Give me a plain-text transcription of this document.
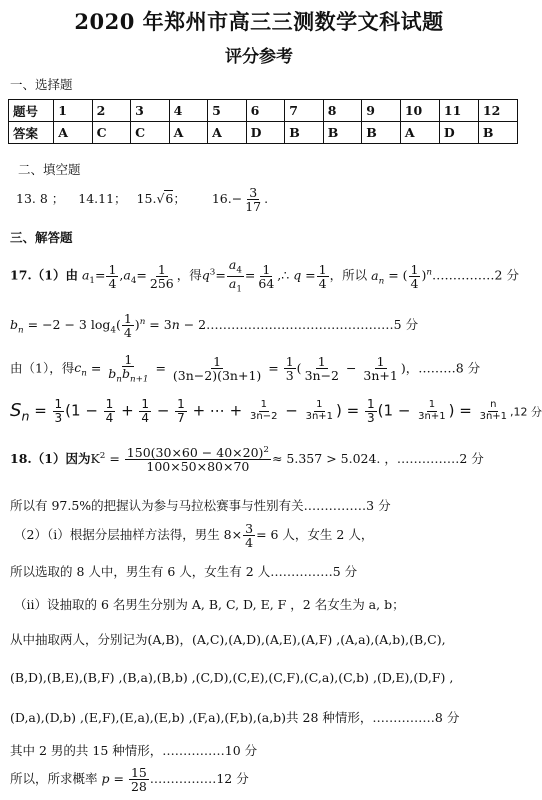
2020 年郑州市高三三测数学文科试题
评分参考
一、选择题
题号	1	2	3	4	5	6	7	8	9	10	11	12
答案	A	C	C	A	A	D	B	B	B	A	D	B
二、填空题
13. 8 ； 14.11； 15.√6； $16.- \frac{3}{17}$ .
三、解答题
17.（1）由 $a_1= \frac{1}{4} ,a_4= \frac{1}{256}$ ，得$q^3= \frac{a_4}{a_1} = \frac{1}{64}$ ,∴ $q = \frac{1}{4}$ ，所以 $a_n$ = ( $\frac{1}{4}$ )$^n$……………2 分
$b_n = -2 - 3$ $\log_4( \frac{1}{4} )^n = 3n$ − 2………………………………………5 分
由（1），得$c_n = \frac{1}{b_nb_{n+1}} = \frac{1}{(3n-2)(3n+1)} = \frac{1}{3}$ ( $\frac{1}{3n-2} - \frac{1}{3n+1}$ )，………8 分
$S_n = \frac{1}{3} (1 - \frac{1}{4} + \frac{1}{4} - \frac{1}{7}$ + ⋯ + $\frac{1}{3n-2} - \frac{1}{3n+1}$ ) = $\frac{1}{3} (1 - \frac{1}{3n+1}$ ) = $\frac{n}{3n+1} ,12$ 分
18.（1）因为$K^2 = \frac{150(30\times 60 - 40\times 20)^2}{100\times 50\times 80\times 70} \approx 5.357 > 5.024$. ，……………2 分
所以有 97.5%的把握认为参与马拉松赛事与性别有关……………3 分
（2）（i）根据分层抽样方法得，男生 $8\times \frac{3}{4} = 6$ 人，女生 2 人，
所以选取的 8 人中，男生有 6 人，女生有 2 人……………5 分
（ii）设抽取的 6 名男生分别为 A, B, C, D, E, F ，2 名女生为 a, b；
从中抽取两人，分别记为(A,B)，(A,C),(A,D),(A,E),(A,F) ,(A,a),(A,b),(B,C),
(B,D),(B,E),(B,F) ,(B,a),(B,b) ,(C,D),(C,E),(C,F),(C,a),(C,b) ,(D,E),(D,F) ,
(D,a),(D,b) ,(E,F),(E,a),(E,b) ,(F,a),(F,b),(a,b)共 28 种情形，……………8 分
其中 2 男的共 15 种情形，……………10 分
所以，所求概率 $p = \frac{15}{28}$ .……………12 分
